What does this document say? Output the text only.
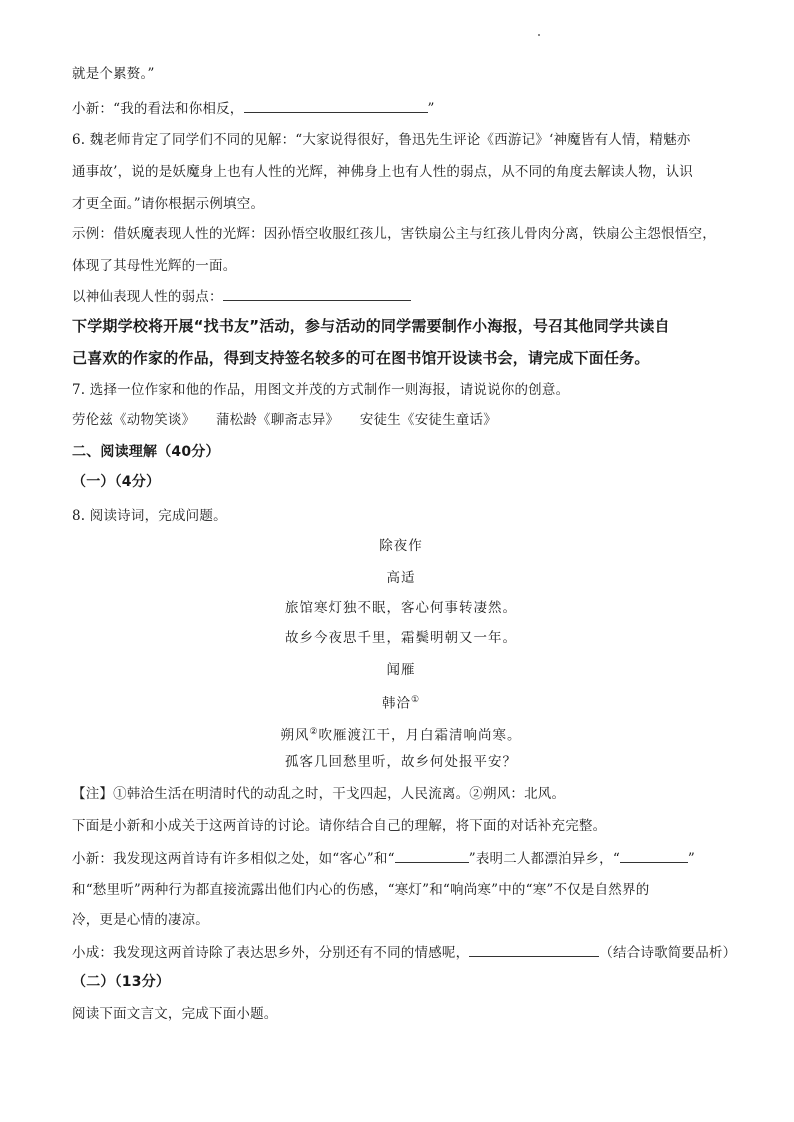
就是个累赘。”
小新：“我的看法和你相反，	”
6. 魏老师肯定了同学们不同的见解：“大家说得很好，鲁迅先生评论《西游记》‘神魔皆有人情，精魅亦
通事故’，说的是妖魔身上也有人性的光辉，神佛身上也有人性的弱点，从不同的角度去解读人物，认识
才更全面。”请你根据示例填空。
示例：借妖魔表现人性的光辉：因孙悟空收服红孩儿，害铁扇公主与红孩儿骨肉分离，铁扇公主怨恨悟空，
体现了其母性光辉的一面。
以神仙表现人性的弱点：
下学期学校将开展“找书友”活动，参与活动的同学需要制作小海报，号召其他同学共读自
己喜欢的作家的作品，得到支持签名较多的可在图书馆开设读书会，请完成下面任务。
7. 选择一位作家和他的作品，用图文并茂的方式制作一则海报，请说说你的创意。
劳伦兹《动物笑谈》　　蒲松龄《聊斋志异》　　安徒生《安徒生童话》
二、阅读理解（40分）
（一）（4分）
8. 阅读诗词，完成问题。
除夜作
高适
旅馆寒灯独不眠，客心何事转凄然。
故乡今夜思千里，霜鬓明朝又一年。
闻雁
韩洽①
朔风②吹雁渡江干，月白霜清响尚寒。
孤客几回愁里听，故乡何处报平安？
【注】①韩洽生活在明清时代的动乱之时，干戈四起，人民流离。②朔风：北风。
下面是小新和小成关于这两首诗的讨论。请你结合自己的理解，将下面的对话补充完整。
小新：我发现这两首诗有许多相似之处，如“客心”和“	”表明二人都漂泊异乡，“	”
和“愁里听”两种行为都直接流露出他们内心的伤感，“寒灯”和“响尚寒”中的“寒”不仅是自然界的
冷，更是心情的凄凉。
小成：我发现这两首诗除了表达思乡外，分别还有不同的情感呢，	（结合诗歌简要品析）
（二）（13分）
阅读下面文言文，完成下面小题。
